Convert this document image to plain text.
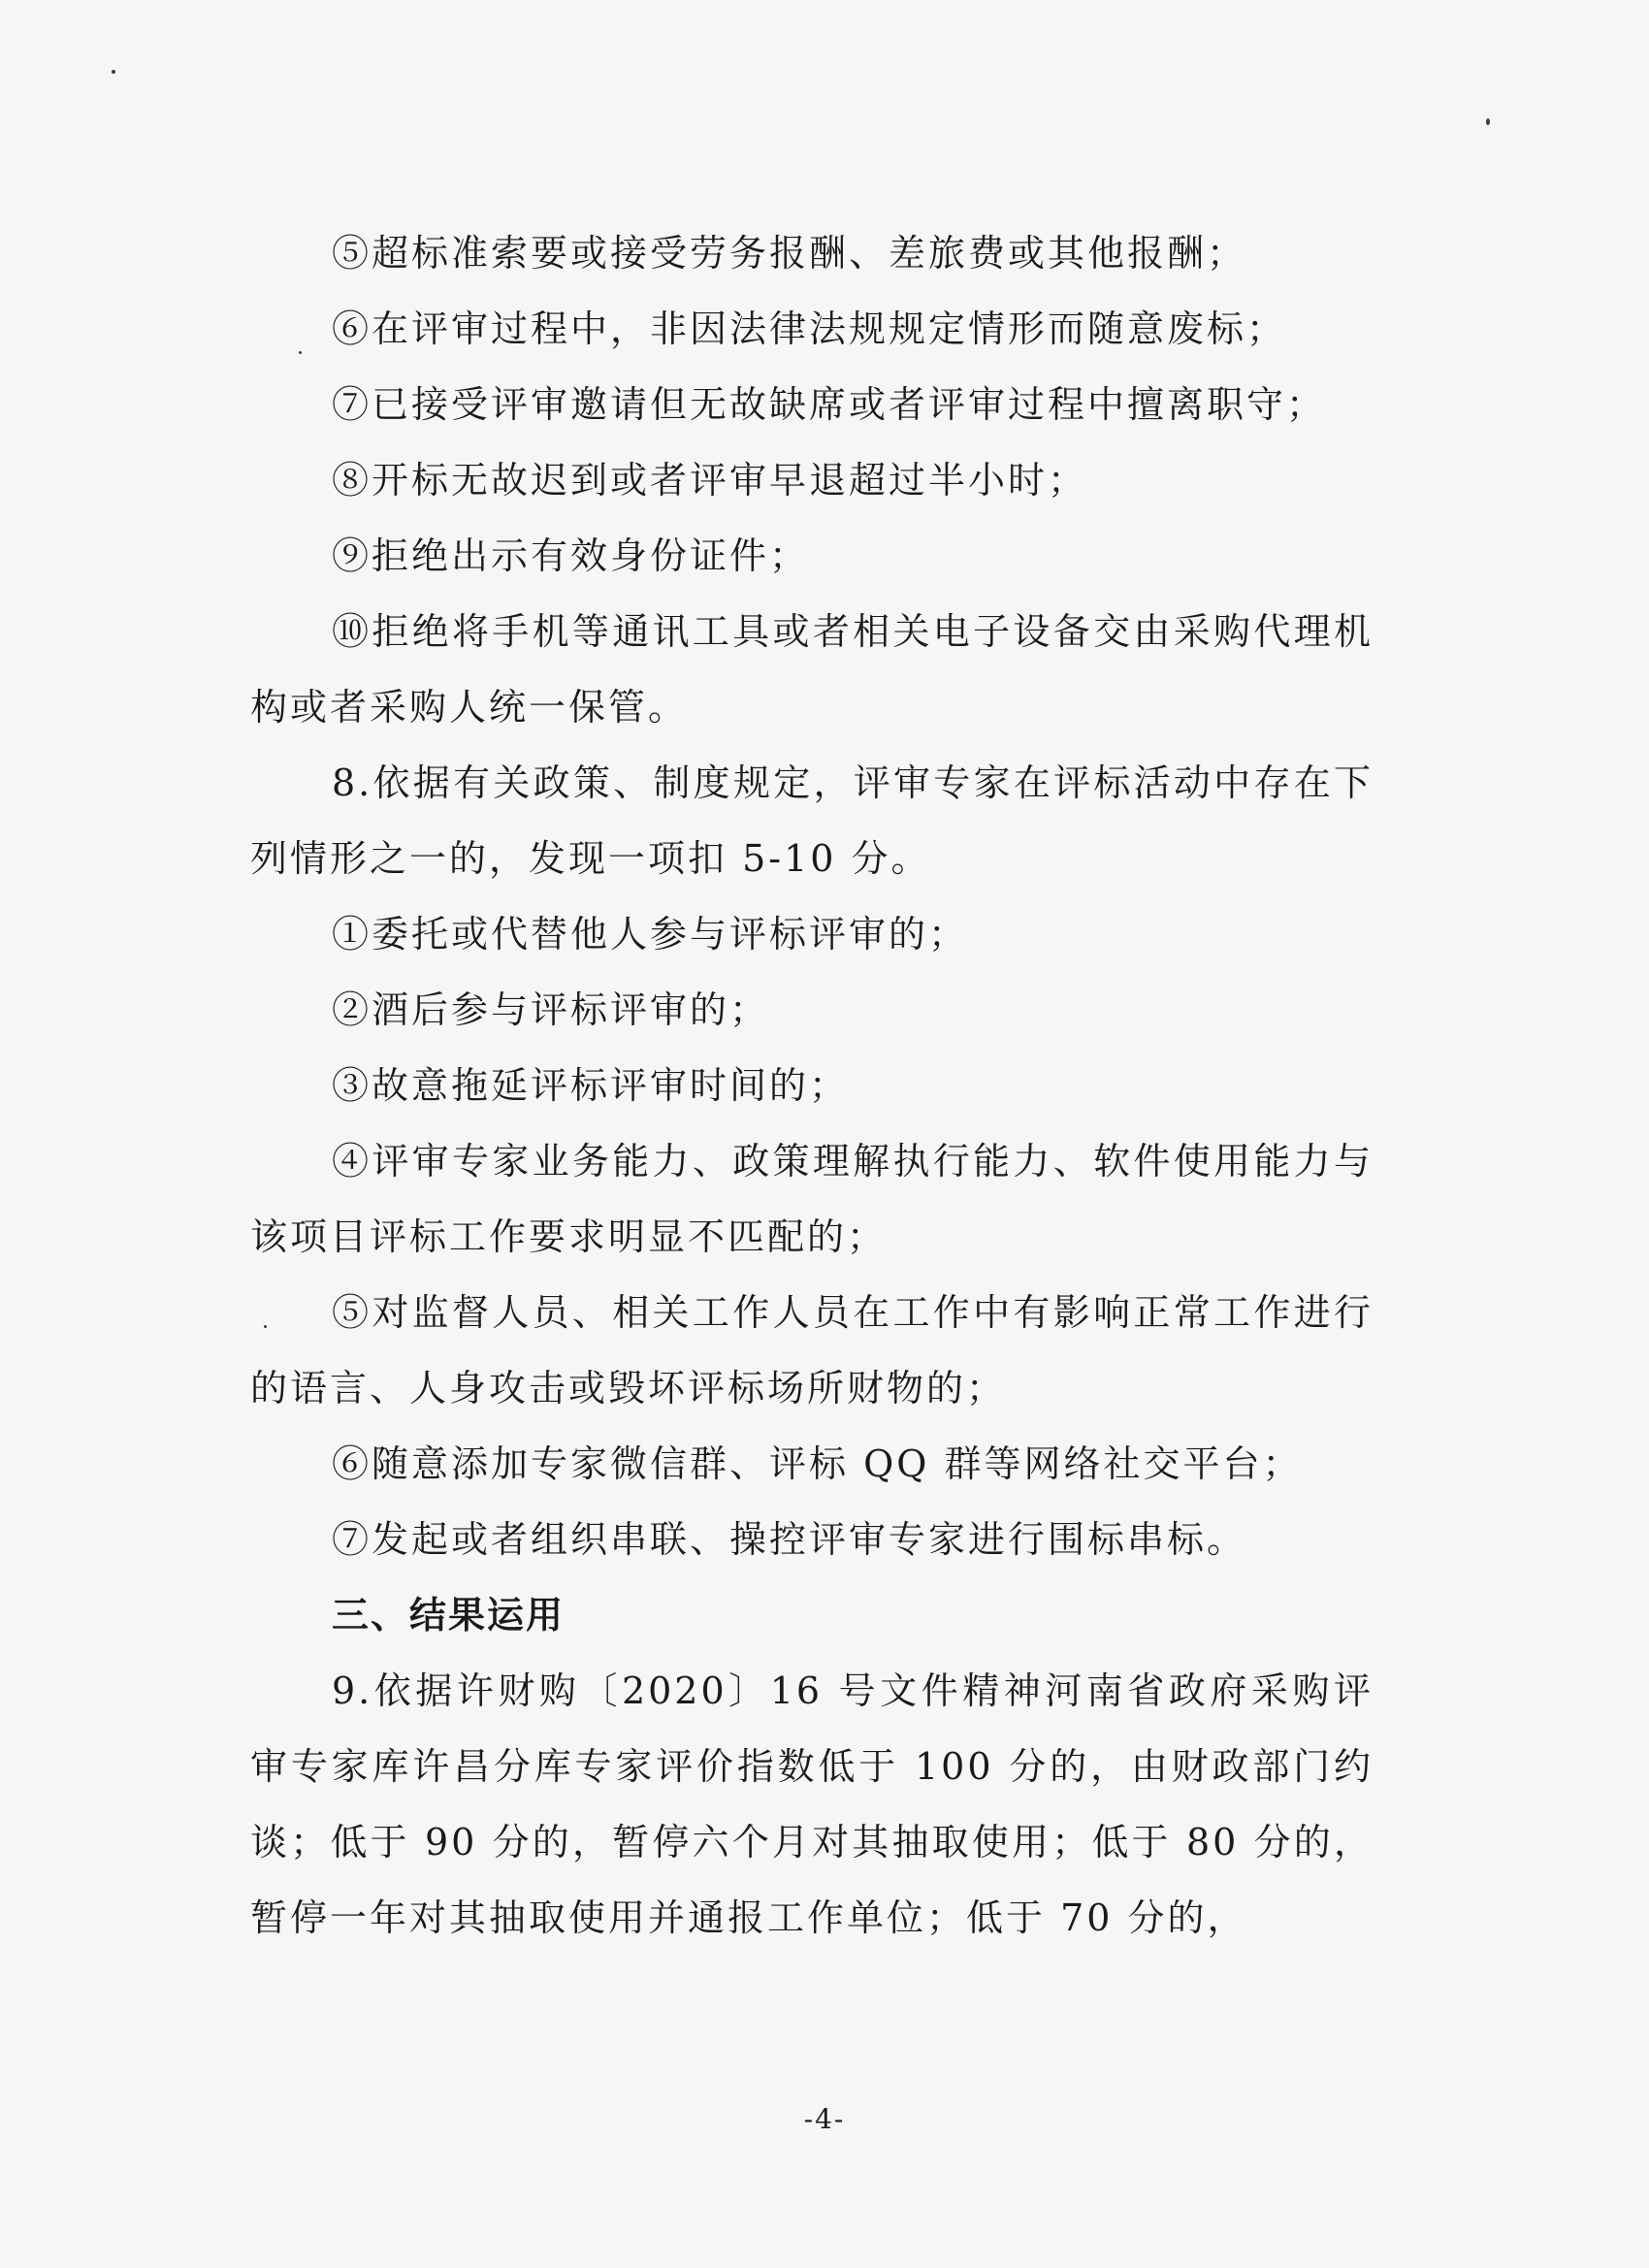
⑤超标准索要或接受劳务报酬、差旅费或其他报酬；

⑥在评审过程中，非因法律法规规定情形而随意废标；

⑦已接受评审邀请但无故缺席或者评审过程中擅离职守；

⑧开标无故迟到或者评审早退超过半小时；

⑨拒绝出示有效身份证件；

⑩拒绝将手机等通讯工具或者相关电子设备交由采购代理机构或者采购人统一保管。

8.依据有关政策、制度规定，评审专家在评标活动中存在下列情形之一的，发现一项扣 5-10 分。

①委托或代替他人参与评标评审的；

②酒后参与评标评审的；

③故意拖延评标评审时间的；

④评审专家业务能力、政策理解执行能力、软件使用能力与该项目评标工作要求明显不匹配的；

⑤对监督人员、相关工作人员在工作中有影响正常工作进行的语言、人身攻击或毁坏评标场所财物的；

⑥随意添加专家微信群、评标 QQ 群等网络社交平台；

⑦发起或者组织串联、操控评审专家进行围标串标。

三、结果运用

9.依据许财购〔2020〕16 号文件精神河南省政府采购评审专家库许昌分库专家评价指数低于 100 分的，由财政部门约谈；低于 90 分的，暂停六个月对其抽取使用；低于 80 分的，暂停一年对其抽取使用并通报工作单位；低于 70 分的，

-4-
